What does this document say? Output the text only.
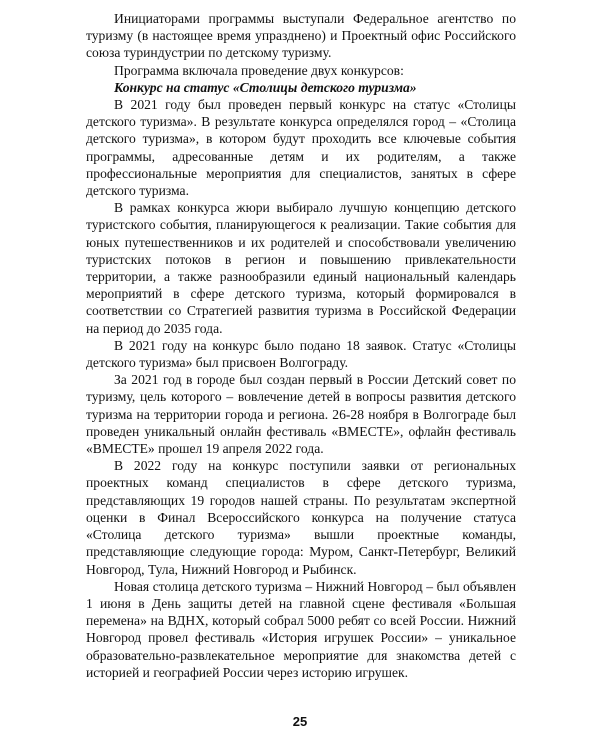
Инициаторами программы выступали Федеральное агентство по туризму (в настоящее время упразднено) и Проектный офис Российского союза туриндустрии по детскому туризму.

Программа включала проведение двух конкурсов:

Конкурс на статус «Столицы детского туризма»

В 2021 году был проведен первый конкурс на статус «Столицы детского туризма». В результате конкурса определялся город – «Столица детского туризма», в котором будут проходить все ключевые события программы, адресованные детям и их родителям, а также профессиональные мероприятия для специалистов, занятых в сфере детского туризма.

В рамках конкурса жюри выбирало лучшую концепцию детского туристского события, планирующегося к реализации. Такие события для юных путешественников и их родителей и способствовали увеличению туристских потоков в регион и повышению привлекательности территории, а также разнообразили единый национальный календарь мероприятий в сфере детского туризма, который формировался в соответствии со Стратегией развития туризма в Российской Федерации на период до 2035 года.

В 2021 году на конкурс было подано 18 заявок. Статус «Столицы детского туризма» был присвоен Волгограду.

За 2021 год в городе был создан первый в России Детский совет по туризму, цель которого – вовлечение детей в вопросы развития детского туризма на территории города и региона. 26-28 ноября в Волгограде был проведен уникальный онлайн фестиваль «ВМЕСТЕ», офлайн фестиваль «ВМЕСТЕ» прошел 19 апреля 2022 года.

В 2022 году на конкурс поступили заявки от региональных проектных команд специалистов в сфере детского туризма, представляющих 19 городов нашей страны. По результатам экспертной оценки в Финал Всероссийского конкурса на получение статуса «Столица детского туризма» вышли проектные команды, представляющие следующие города: Муром, Санкт-Петербург, Великий Новгород, Тула, Нижний Новгород и Рыбинск.

Новая столица детского туризма – Нижний Новгород – был объявлен 1 июня в День защиты детей на главной сцене фестиваля «Большая перемена» на ВДНХ, который собрал 5000 ребят со всей России. Нижний Новгород провел фестиваль «История игрушек России» – уникальное образовательно-развлекательное мероприятие для знакомства детей с историей и географией России через историю игрушек.

25
